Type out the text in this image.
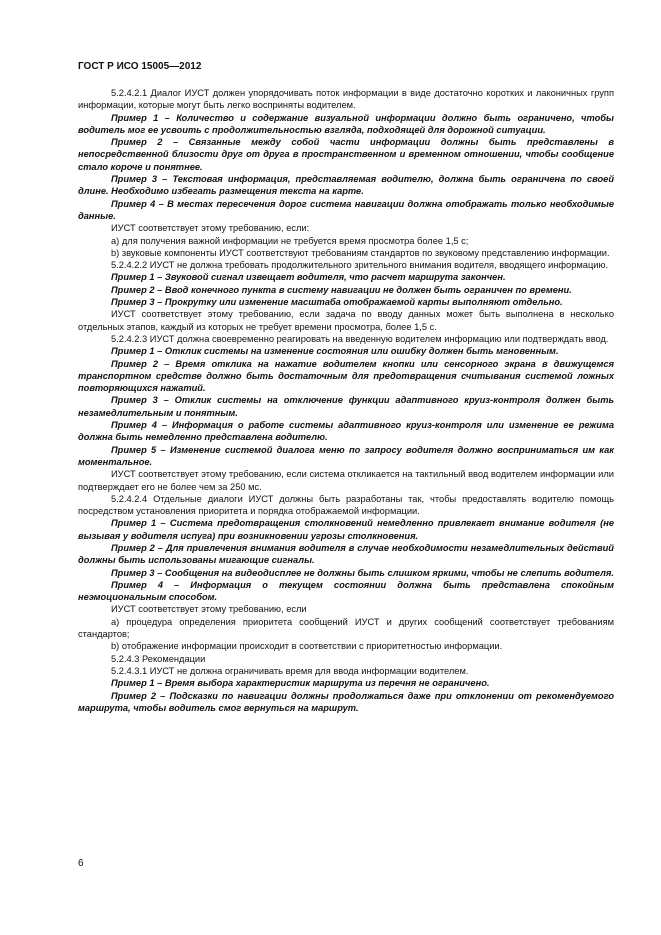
ГОСТ Р ИСО 15005—2012

5.2.4.2.1 Диалог ИУСТ должен упорядочивать поток информации в виде достаточно коротких и лаконичных групп информации, которые могут быть легко восприняты водителем.

Пример 1 – Количество и содержание визуальной информации должно быть ограничено, чтобы водитель мог ее усвоить с продолжительностью взгляда, подходящей для дорожной ситуации.

Пример 2 – Связанные между собой части информации должны быть представлены в непосредственной близости друг от друга в пространственном и временном отношении, чтобы сообщение стало короче и понятнее.

Пример 3 – Текстовая информация, представляемая водителю, должна быть ограничена по своей длине. Необходимо избегать размещения текста на карте.

Пример 4 – В местах пересечения дорог система навигации должна отображать только необходимые данные.

ИУСТ соответствует этому требованию, если:

a) для получения важной информации не требуется время просмотра более 1,5 с;

b) звуковые компоненты ИУСТ соответствуют требованиям стандартов по звуковому представлению информации.

5.2.4.2.2 ИУСТ не должна требовать продолжительного зрительного внимания водителя, вводящего информацию.

Пример 1 – Звуковой сигнал извещает водителя, что расчет маршрута закончен.

Пример 2 – Ввод конечного пункта в систему навигации не должен быть ограничен по времени.

Пример 3 – Прокрутку или изменение масштаба отображаемой карты выполняют отдельно.

ИУСТ соответствует этому требованию, если задача по вводу данных может быть выполнена в несколько отдельных этапов, каждый из которых не требует времени просмотра, более 1,5 с.

5.2.4.2.3 ИУСТ должна своевременно реагировать на введенную водителем информацию или подтверждать ввод.

Пример 1 – Отклик системы на изменение состояния или ошибку должен быть мгновенным.

Пример 2 – Время отклика на нажатие водителем кнопки или сенсорного экрана в движущемся транспортном средстве должно быть достаточным для предотвращения считывания системой ложных повторяющихся нажатий.

Пример 3 – Отклик системы на отключение функции адаптивного круиз-контроля должен быть незамедлительным и понятным.

Пример 4 – Информация о работе системы адаптивного круиз-контроля или изменение ее режима должна быть немедленно представлена водителю.

Пример 5 – Изменение системой диалога меню по запросу водителя должно восприниматься им как моментальное.

ИУСТ соответствует этому требованию, если система откликается на тактильный ввод водителем информации или подтверждает его не более чем за 250 мс.

5.2.4.2.4 Отдельные диалоги ИУСТ должны быть разработаны так, чтобы предоставлять водителю помощь посредством установления приоритета и порядка отображаемой информации.

Пример 1 – Система предотвращения столкновений немедленно привлекает внимание водителя (не вызывая у водителя испуга) при возникновении угрозы столкновения.

Пример 2 – Для привлечения внимания водителя в случае необходимости незамедлительных действий должны быть использованы мигающие сигналы.

Пример 3 – Сообщения на видеодисплее не должны быть слишком яркими, чтобы не слепить водителя.

Пример 4 – Информация о текущем состоянии должна быть представлена спокойным неэмоциональным способом.

ИУСТ соответствует этому требованию, если

a) процедура определения приоритета сообщений ИУСТ и других сообщений соответствует требованиям стандартов;

b) отображение информации происходит в соответствии с приоритетностью информации.

5.2.4.3 Рекомендации

5.2.4.3.1 ИУСТ не должна ограничивать время для ввода информации водителем.

Пример 1 – Время выбора характеристик маршрута из перечня не ограничено.

Пример 2 – Подсказки по навигации должны продолжаться даже при отклонении от рекомендуемого маршрута, чтобы водитель смог вернуться на маршрут.

6
